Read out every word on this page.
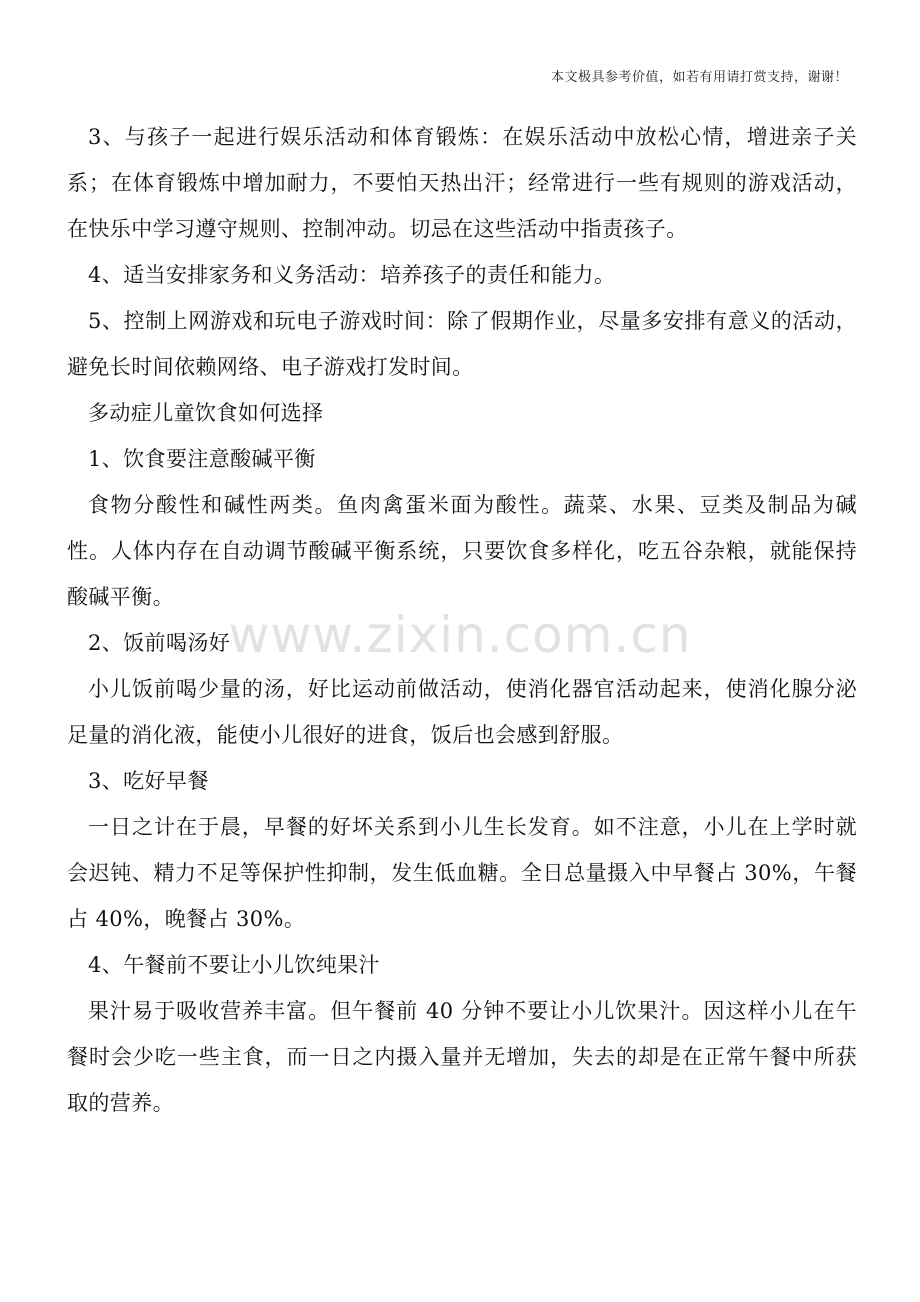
本文极具参考价值，如若有用请打赏支持，谢谢！

3、与孩子一起进行娱乐活动和体育锻炼：在娱乐活动中放松心情，增进亲子关系；在体育锻炼中增加耐力，不要怕天热出汗；经常进行一些有规则的游戏活动，在快乐中学习遵守规则、控制冲动。切忌在这些活动中指责孩子。

4、适当安排家务和义务活动：培养孩子的责任和能力。

5、控制上网游戏和玩电子游戏时间：除了假期作业，尽量多安排有意义的活动，避免长时间依赖网络、电子游戏打发时间。

多动症儿童饮食如何选择

1、饮食要注意酸碱平衡

食物分酸性和碱性两类。鱼肉禽蛋米面为酸性。蔬菜、水果、豆类及制品为碱性。人体内存在自动调节酸碱平衡系统，只要饮食多样化，吃五谷杂粮，就能保持酸碱平衡。

2、饭前喝汤好

小儿饭前喝少量的汤，好比运动前做活动，使消化器官活动起来，使消化腺分泌足量的消化液，能使小儿很好的进食，饭后也会感到舒服。

3、吃好早餐

一日之计在于晨，早餐的好坏关系到小儿生长发育。如不注意，小儿在上学时就会迟钝、精力不足等保护性抑制，发生低血糖。全日总量摄入中早餐占 30%，午餐占 40%，晚餐占 30%。

4、午餐前不要让小儿饮纯果汁

果汁易于吸收营养丰富。但午餐前 40 分钟不要让小儿饮果汁。因这样小儿在午餐时会少吃一些主食，而一日之内摄入量并无增加，失去的却是在正常午餐中所获取的营养。

www.zixin.com.cn
